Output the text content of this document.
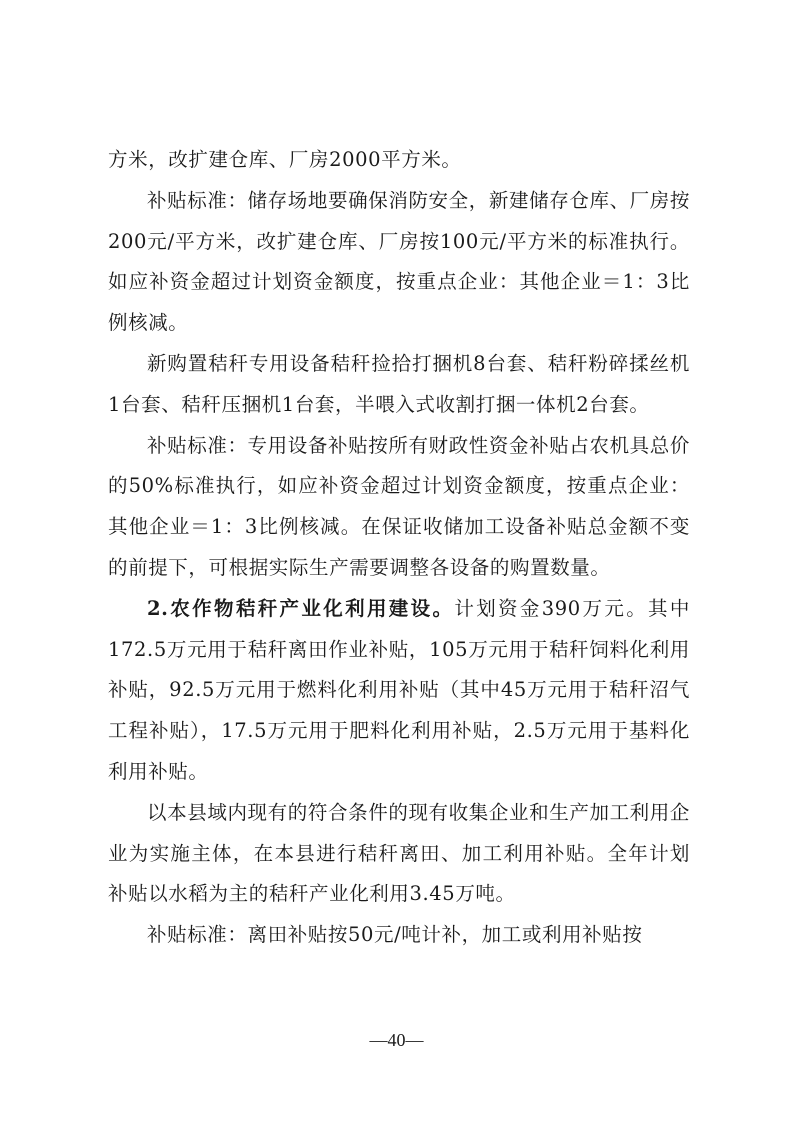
方米，改扩建仓库、厂房2000平方米。

补贴标准：储存场地要确保消防安全，新建储存仓库、厂房按200元/平方米，改扩建仓库、厂房按100元/平方米的标准执行。如应补资金超过计划资金额度，按重点企业：其他企业＝1：3比例核减。

新购置秸秆专用设备秸秆捡拾打捆机8台套、秸秆粉碎揉丝机1台套、秸秆压捆机1台套，半喂入式收割打捆一体机2台套。

补贴标准：专用设备补贴按所有财政性资金补贴占农机具总价的50%标准执行，如应补资金超过计划资金额度，按重点企业：其他企业＝1：3比例核减。在保证收储加工设备补贴总金额不变的前提下，可根据实际生产需要调整各设备的购置数量。

2.农作物秸秆产业化利用建设。计划资金390万元。其中172.5万元用于秸秆离田作业补贴，105万元用于秸秆饲料化利用补贴，92.5万元用于燃料化利用补贴（其中45万元用于秸秆沼气工程补贴），17.5万元用于肥料化利用补贴，2.5万元用于基料化利用补贴。

以本县域内现有的符合条件的现有收集企业和生产加工利用企业为实施主体，在本县进行秸秆离田、加工利用补贴。全年计划补贴以水稻为主的秸秆产业化利用3.45万吨。

补贴标准：离田补贴按50元/吨计补，加工或利用补贴按

—40—
